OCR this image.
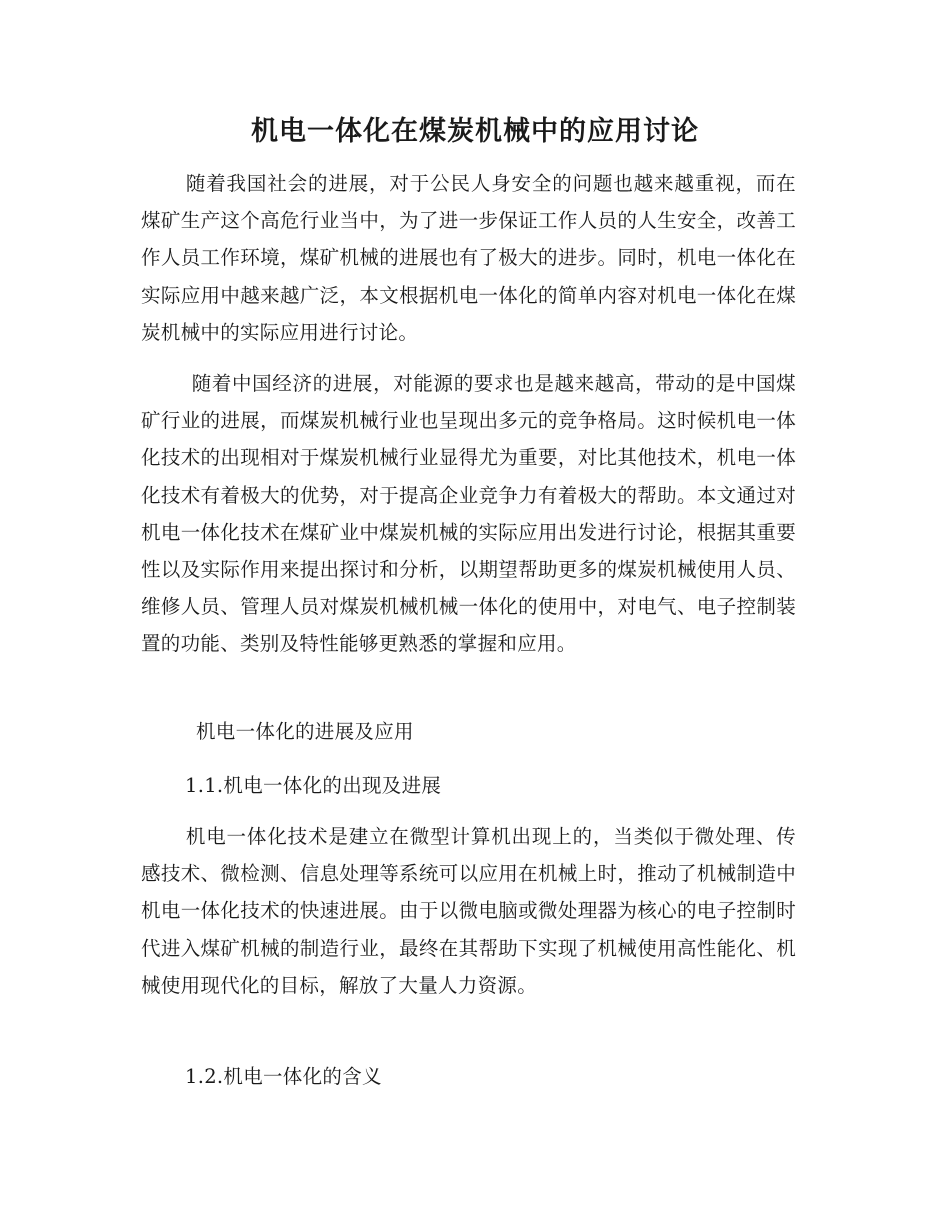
机电一体化在煤炭机械中的应用讨论

随着我国社会的进展，对于公民人身安全的问题也越来越重视，而在煤矿生产这个高危行业当中，为了进一步保证工作人员的人生安全，改善工作人员工作环境，煤矿机械的进展也有了极大的进步。同时，机电一体化在实际应用中越来越广泛，本文根据机电一体化的简单内容对机电一体化在煤炭机械中的实际应用进行讨论。

随着中国经济的进展，对能源的要求也是越来越高，带动的是中国煤矿行业的进展，而煤炭机械行业也呈现出多元的竞争格局。这时候机电一体化技术的出现相对于煤炭机械行业显得尤为重要，对比其他技术，机电一体化技术有着极大的优势，对于提高企业竞争力有着极大的帮助。本文通过对机电一体化技术在煤矿业中煤炭机械的实际应用出发进行讨论，根据其重要性以及实际作用来提出探讨和分析，以期望帮助更多的煤炭机械使用人员、维修人员、管理人员对煤炭机械机械一体化的使用中，对电气、电子控制装置的功能、类别及特性能够更熟悉的掌握和应用。

机电一体化的进展及应用

1.1.机电一体化的出现及进展

机电一体化技术是建立在微型计算机出现上的，当类似于微处理、传感技术、微检测、信息处理等系统可以应用在机械上时，推动了机械制造中机电一体化技术的快速进展。由于以微电脑或微处理器为核心的电子控制时代进入煤矿机械的制造行业，最终在其帮助下实现了机械使用高性能化、机械使用现代化的目标，解放了大量人力资源。

1.2.机电一体化的含义
